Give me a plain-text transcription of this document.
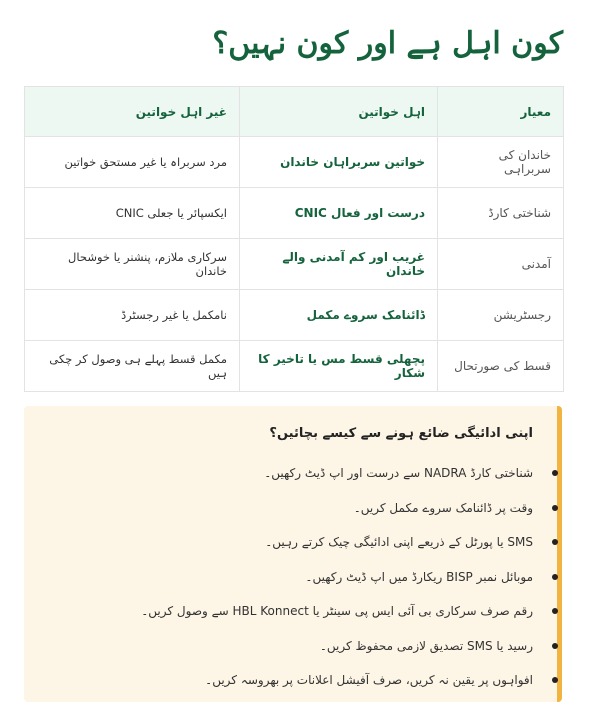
کون اہل ہے اور کون نہیں؟
معیار	اہل خواتین	غیر اہل خواتین
خاندان کی سربراہی	خواتین سربراہان خاندان	مرد سربراہ یا غیر مستحق خواتین
شناختی کارڈ	درست اور فعال CNIC	ایکسپائر یا جعلی CNIC
آمدنی	غریب اور کم آمدنی والے خاندان	سرکاری ملازم، پنشنر یا خوشحال خاندان
رجسٹریشن	ڈائنامک سروے مکمل	نامکمل یا غیر رجسٹرڈ
قسط کی صورتحال	پچھلی قسط مس یا تاخیر کا شکار	مکمل قسط پہلے ہی وصول کر چکی ہیں
اپنی ادائیگی ضائع ہونے سے کیسے بچائیں؟
شناختی کارڈ NADRA سے درست اور اپ ڈیٹ رکھیں۔
وقت پر ڈائنامک سروے مکمل کریں۔
SMS یا پورٹل کے ذریعے اپنی ادائیگی چیک کرتے رہیں۔
موبائل نمبر BISP ریکارڈ میں اپ ڈیٹ رکھیں۔
رقم صرف سرکاری بی آئی ایس پی سینٹر یا HBL Konnect سے وصول کریں۔
رسید یا SMS تصدیق لازمی محفوظ کریں۔
افواہوں پر یقین نہ کریں، صرف آفیشل اعلانات پر بھروسہ کریں۔
